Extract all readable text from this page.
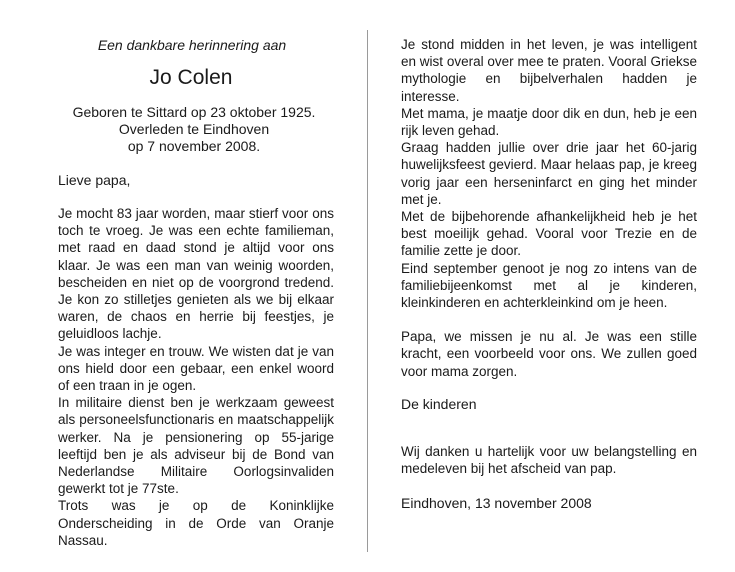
Een dankbare herinnering aan

Jo Colen
Geboren te Sittard op 23 oktober 1925.
Overleden te Eindhoven
op 7 november 2008.

Lieve papa,

Je mocht 83 jaar worden, maar stierf voor ons toch te vroeg. Je was een echte familieman, met raad en daad stond je altijd voor ons klaar. Je was een man van weinig woorden, bescheiden en niet op de voorgrond tredend. Je kon zo stilletjes genieten als we bij elkaar waren, de chaos en herrie bij feestjes, je geluidloos lachje.

Je was integer en trouw. We wisten dat je van ons hield door een gebaar, een enkel woord of een traan in je ogen.

In militaire dienst ben je werkzaam geweest als personeelsfunctionaris en maatschappelijk werker. Na je pensionering op 55-jarige leeftijd ben je als adviseur bij de Bond van Nederlandse Militaire Oorlogsinvaliden gewerkt tot je 77ste.

Trots was je op de Koninklijke Onderscheiding in de Orde van Oranje Nassau.

Je stond midden in het leven, je was intelligent en wist overal over mee te praten. Vooral Griekse mythologie en bijbelverhalen hadden je interesse.

Met mama, je maatje door dik en dun, heb je een rijk leven gehad.

Graag hadden jullie over drie jaar het 60-jarig huwelijksfeest gevierd. Maar helaas pap, je kreeg vorig jaar een herseninfarct en ging het minder met je.

Met de bijbehorende afhankelijkheid heb je het best moeilijk gehad. Vooral voor Trezie en de familie zette je door.

Eind september genoot je nog zo intens van de familiebijeenkomst met al je kinderen, kleinkinderen en achterkleinkind om je heen.

Papa, we missen je nu al. Je was een stille kracht, een voorbeeld voor ons. We zullen goed voor mama zorgen.

De kinderen

Wij danken u hartelijk voor uw belangstelling en medeleven bij het afscheid van pap.

Eindhoven, 13 november 2008
